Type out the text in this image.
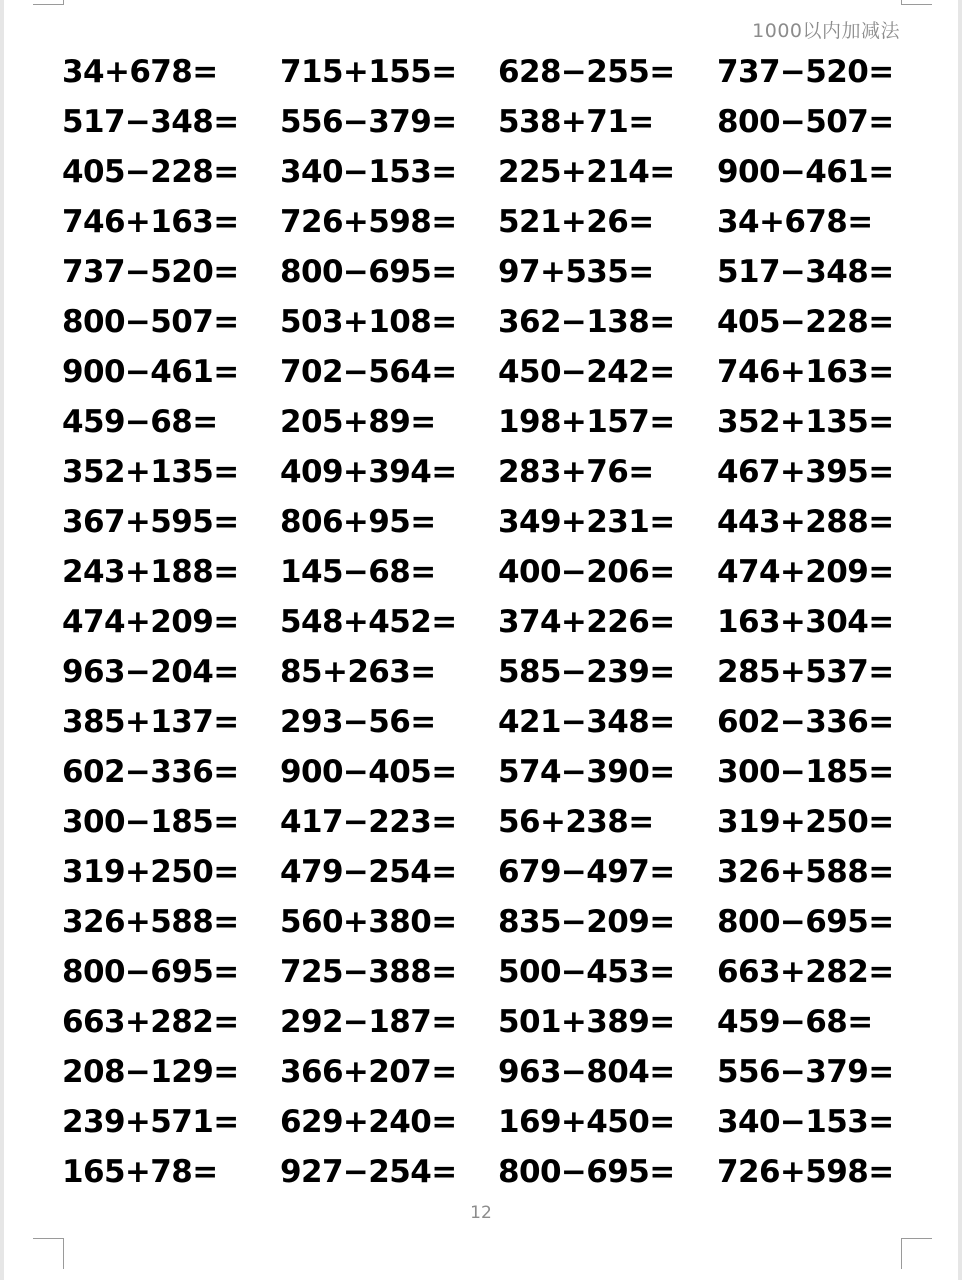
1000以内加减法
34+678=	715+155=	628−255=	737−520=
517−348=	556−379=	538+71=	800−507=
405−228=	340−153=	225+214=	900−461=
746+163=	726+598=	521+26=	34+678=
737−520=	800−695=	97+535=	517−348=
800−507=	503+108=	362−138=	405−228=
900−461=	702−564=	450−242=	746+163=
459−68=	205+89=	198+157=	352+135=
352+135=	409+394=	283+76=	467+395=
367+595=	806+95=	349+231=	443+288=
243+188=	145−68=	400−206=	474+209=
474+209=	548+452=	374+226=	163+304=
963−204=	85+263=	585−239=	285+537=
385+137=	293−56=	421−348=	602−336=
602−336=	900−405=	574−390=	300−185=
300−185=	417−223=	56+238=	319+250=
319+250=	479−254=	679−497=	326+588=
326+588=	560+380=	835−209=	800−695=
800−695=	725−388=	500−453=	663+282=
663+282=	292−187=	501+389=	459−68=
208−129=	366+207=	963−804=	556−379=
239+571=	629+240=	169+450=	340−153=
165+78=	927−254=	800−695=	726+598=
12
